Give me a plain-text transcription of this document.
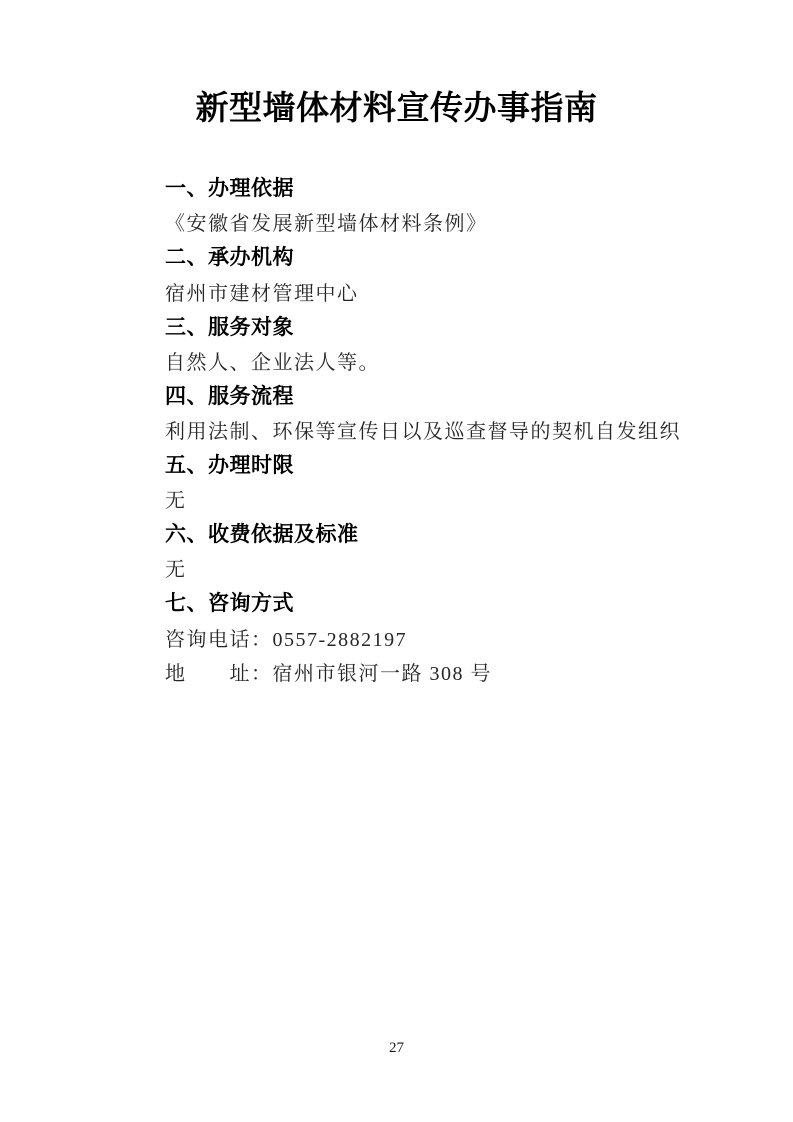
新型墙体材料宣传办事指南
一、办理依据
《安徽省发展新型墙体材料条例》
二、承办机构
宿州市建材管理中心
三、服务对象
自然人、企业法人等。
四、服务流程
利用法制、环保等宣传日以及巡查督导的契机自发组织
五、办理时限
无
六、收费依据及标准
无
七、咨询方式
咨询电话：0557-2882197
地　　址：宿州市银河一路 308 号
27
